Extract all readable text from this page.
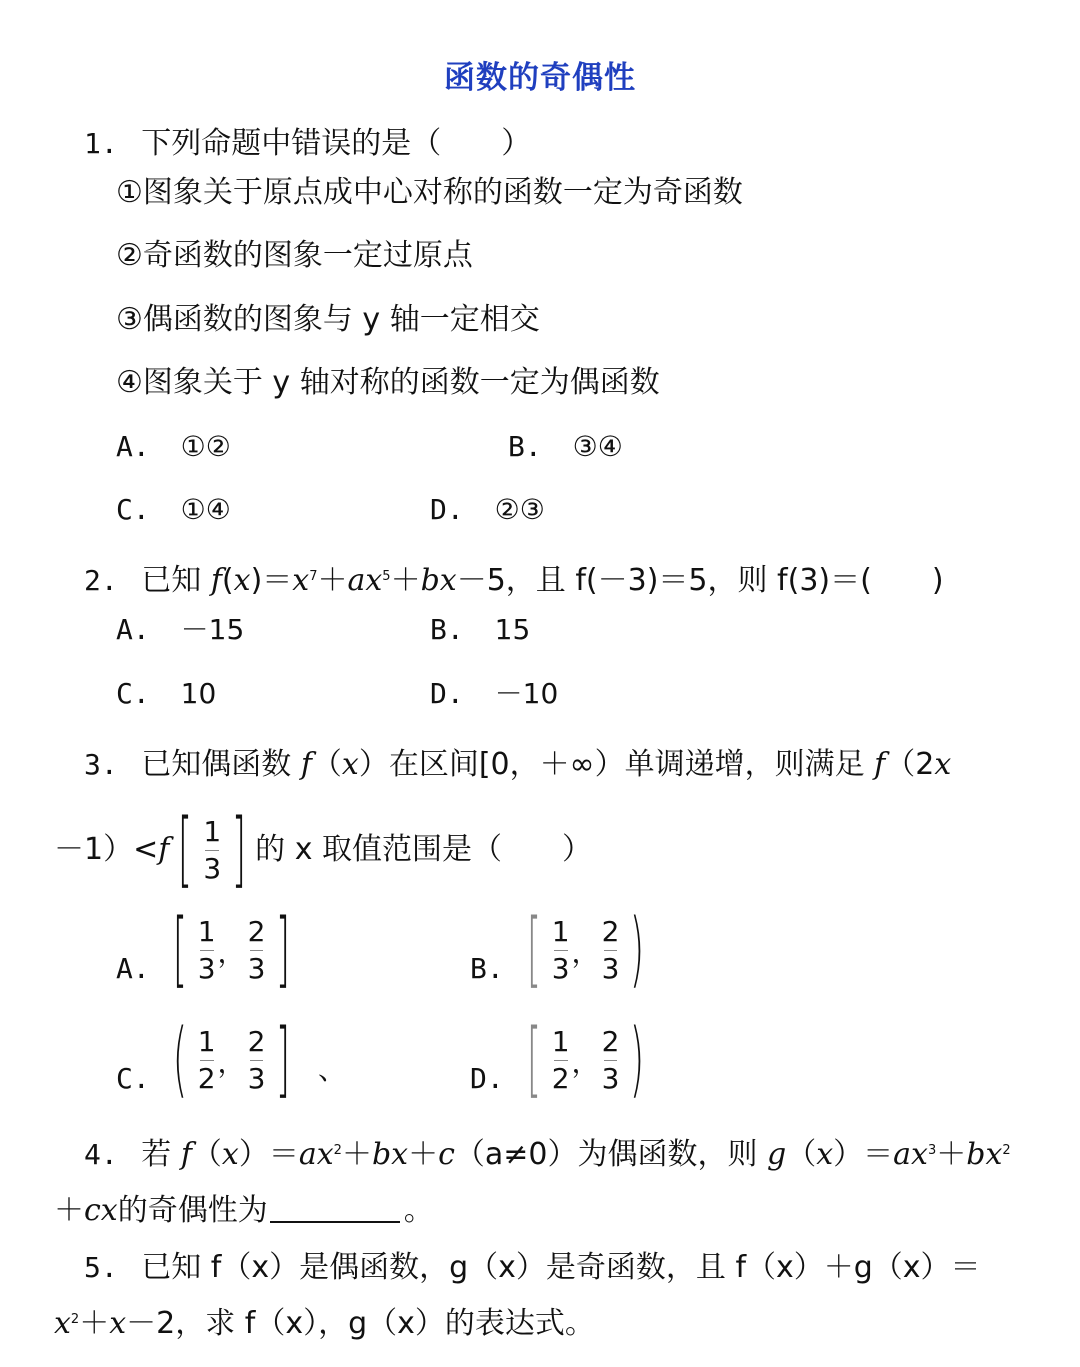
函数的奇偶性
1. 下列命题中错误的是（　　）
①图象关于原点成中心对称的函数一定为奇函数
②奇函数的图象一定过原点
③偶函数的图象与 y 轴一定相交
④图象关于 y 轴对称的函数一定为偶函数
A. ①②	B. ③④
C. ①④	D. ②③
2. 已知 $f(x)=x^7+ax^5+bx-5$，且 f(－3)＝5，则 f(3)＝( )
A. －15	B. 15
C. 10	D. －10
3. 已知偶函数 f（x）在区间[0，＋∞）单调递增，则满足 f（2x
－1）< f [ $\frac{1}{3}$ ] 的 x 取值范围是（　　）
A. [ $\frac{1}{3}$ ， $\frac{2}{3}$ ]	B. [ $\frac{1}{3}$ ， $\frac{2}{3}$ )
C. ( $\frac{1}{2}$ ， $\frac{2}{3}$ ] 、	D. [ $\frac{1}{2}$ ， $\frac{2}{3}$ )
4. 若 $f(x)=ax^2+bx+c(a\ne 0)$为偶函数，则 $g(x)=ax^3+bx^2$
＋cx的奇偶性为	。
5. 已知 f（x）是偶函数，g（x）是奇函数，且 f（x）＋g（x）＝
$x^2+x-2$，求 f（x），g（x）的表达式。
